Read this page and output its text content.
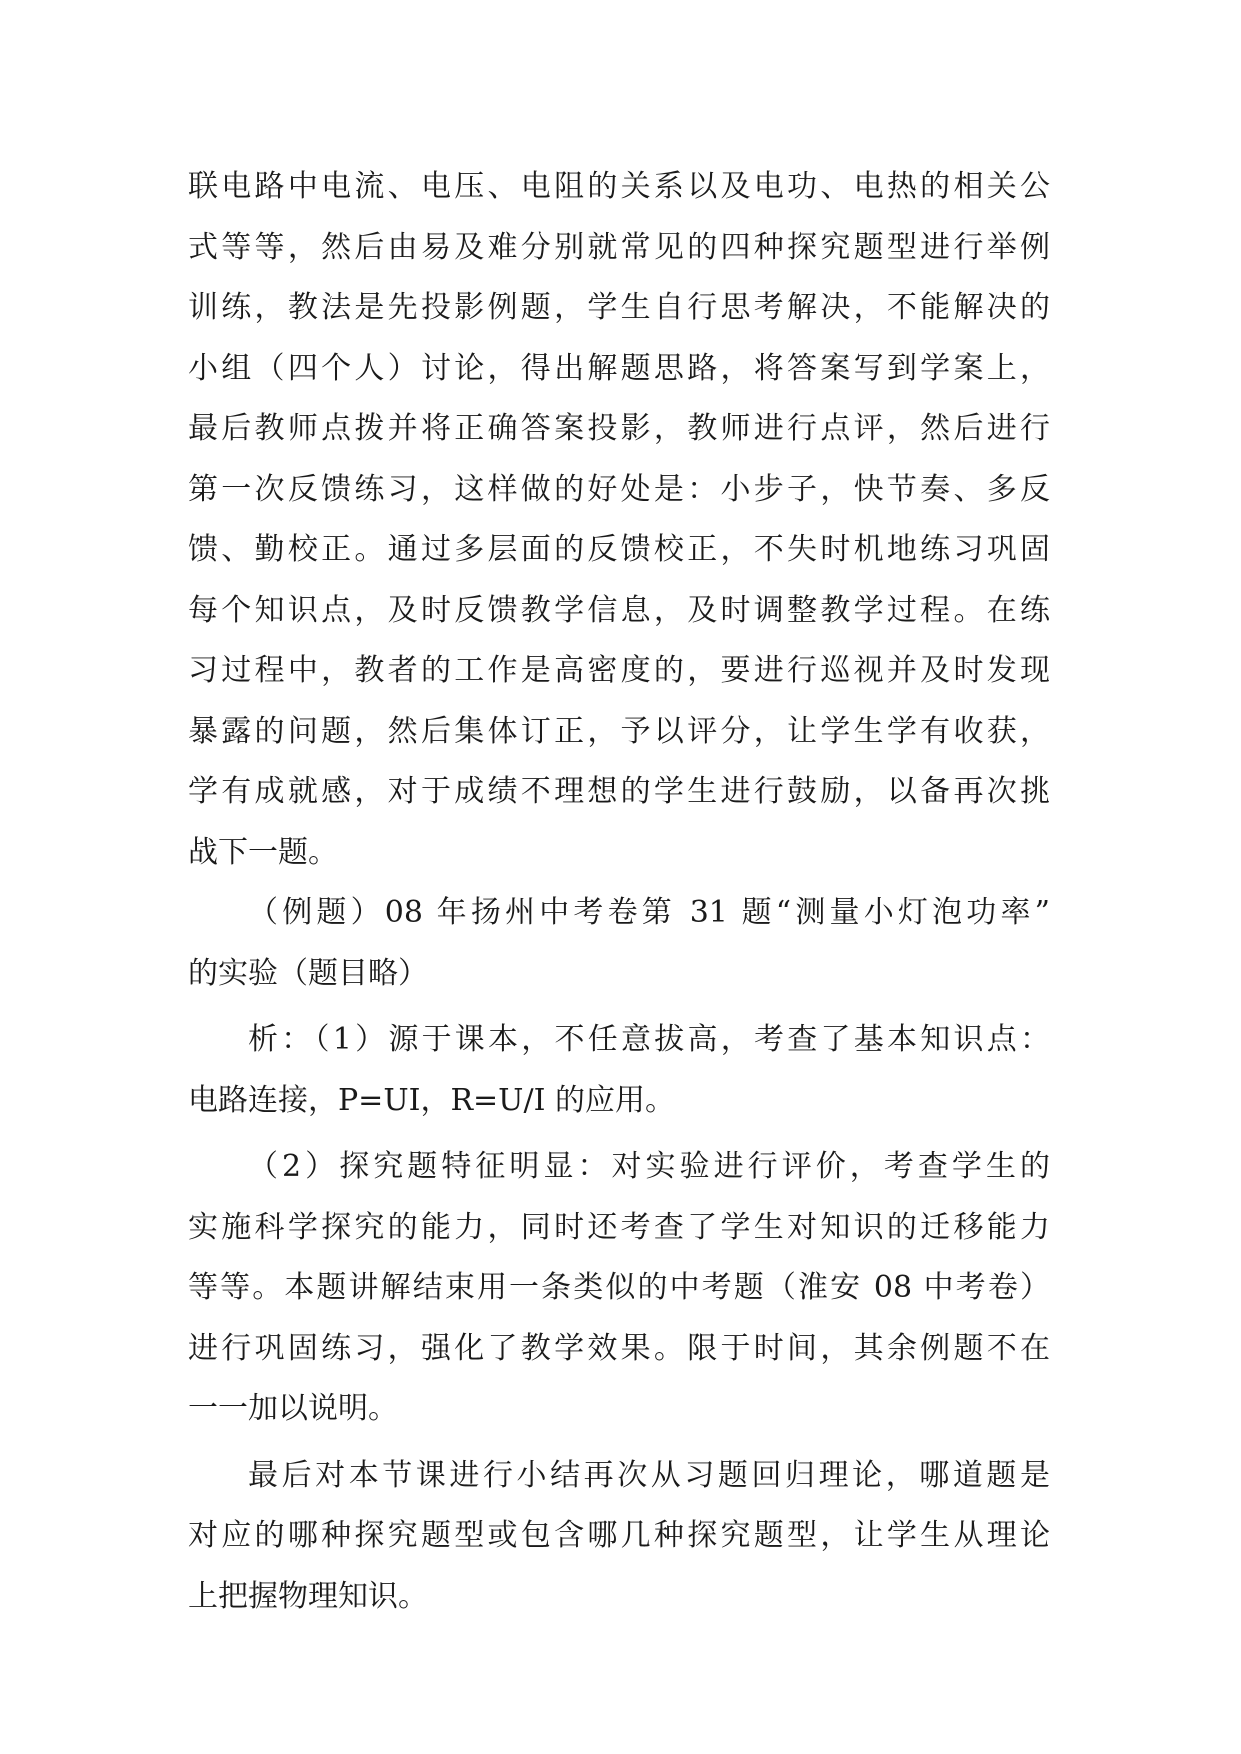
联电路中电流、电压、电阻的关系以及电功、电热的相关公
式等等，然后由易及难分别就常见的四种探究题型进行举例
训练，教法是先投影例题，学生自行思考解决，不能解决的
小组（四个人）讨论，得出解题思路，将答案写到学案上，
最后教师点拨并将正确答案投影，教师进行点评，然后进行
第一次反馈练习，这样做的好处是：小步子，快节奏、多反
馈、勤校正。通过多层面的反馈校正，不失时机地练习巩固
每个知识点，及时反馈教学信息，及时调整教学过程。在练
习过程中，教者的工作是高密度的，要进行巡视并及时发现
暴露的问题，然后集体订正，予以评分，让学生学有收获，
学有成就感，对于成绩不理想的学生进行鼓励，以备再次挑
战下一题。
（例题）08 年扬州中考卷第 31 题“测量小灯泡功率”
的实验（题目略）
析：（1）源于课本，不任意拔高，考查了基本知识点：
电路连接，P=UI，R=U/I 的应用。
（2）探究题特征明显：对实验进行评价，考查学生的
实施科学探究的能力，同时还考查了学生对知识的迁移能力
等等。本题讲解结束用一条类似的中考题（淮安 08 中考卷）
进行巩固练习，强化了教学效果。限于时间，其余例题不在
一一加以说明。
最后对本节课进行小结再次从习题回归理论，哪道题是
对应的哪种探究题型或包含哪几种探究题型，让学生从理论
上把握物理知识。
